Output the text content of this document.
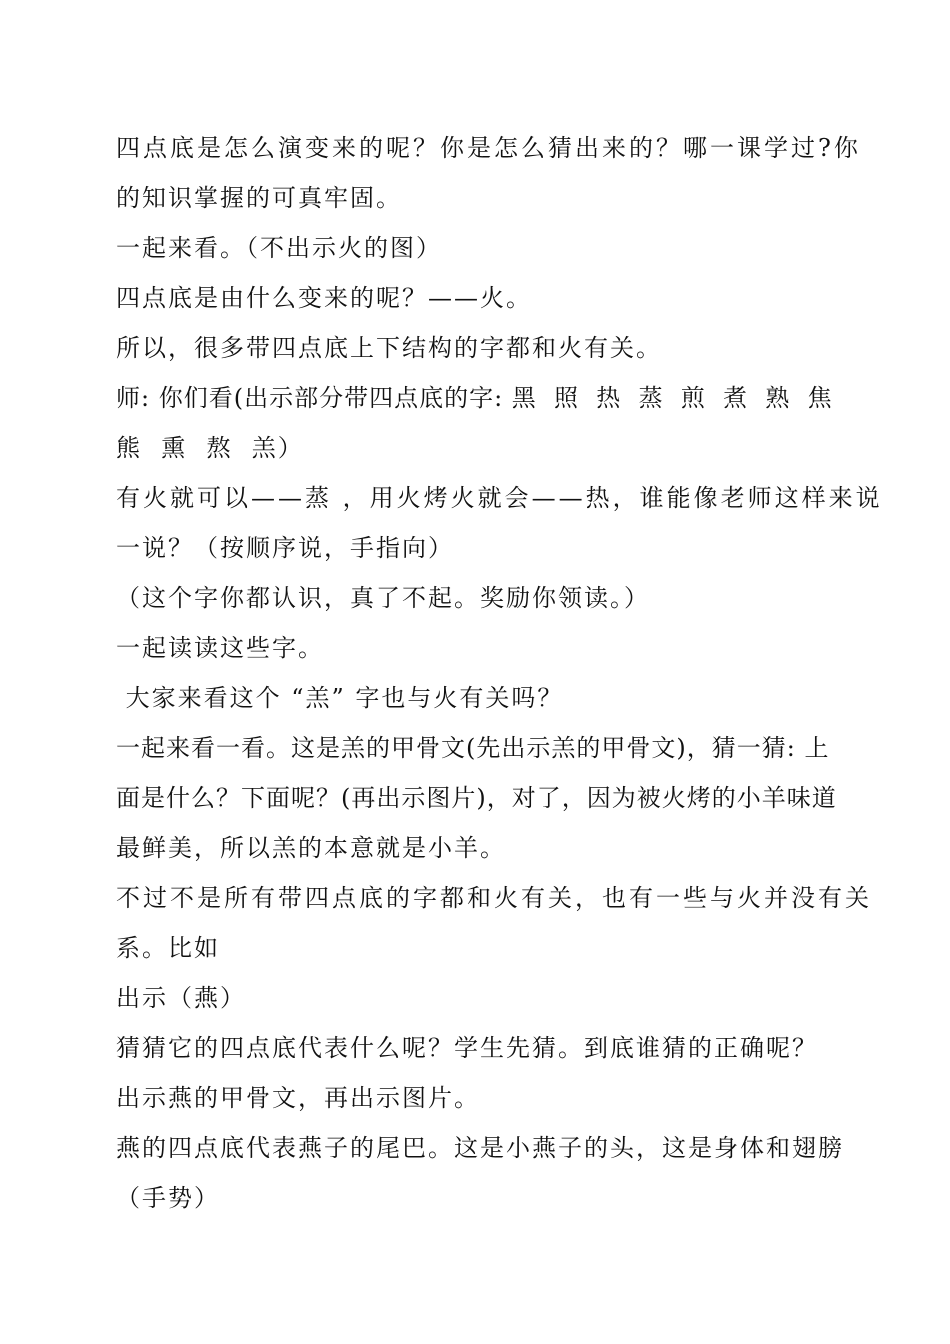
四点底是怎么演变来的呢？你是怎么猜出来的？哪一课学过?你
的知识掌握的可真牢固。
一起来看。（不出示火的图）
四点底是由什么变来的呢？——火。
所以，很多带四点底上下结构的字都和火有关。
师: 你们看(出示部分带四点底的字: 黑  照  热  蒸  煎  煮  熟  焦
熊  熏  熬  羔）
有火就可以——蒸 ，用火烤火就会——热，谁能像老师这样来说
一说？（按顺序说，手指向）
（这个字你都认识，真了不起。奖励你领读。）
一起读读这些字。
大家来看这个 “羔” 字也与火有关吗？
一起来看一看。这是羔的甲骨文(先出示羔的甲骨文)，猜一猜: 上
面是什么？下面呢？(再出示图片)，对了，因为被火烤的小羊味道
最鲜美，所以羔的本意就是小羊。
不过不是所有带四点底的字都和火有关，也有一些与火并没有关
系。比如
出示（燕）
猜猜它的四点底代表什么呢？学生先猜。到底谁猜的正确呢？
出示燕的甲骨文，再出示图片。
燕的四点底代表燕子的尾巴。这是小燕子的头，这是身体和翅膀
（手势）
